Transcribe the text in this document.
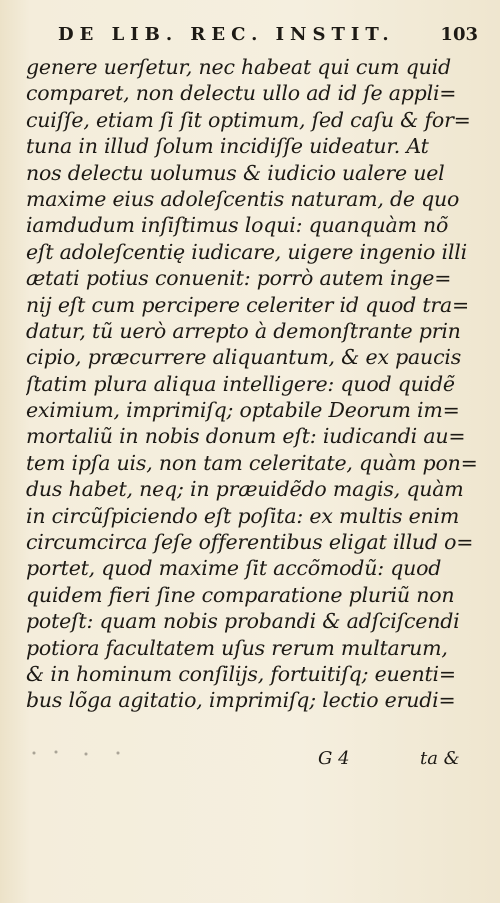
DE LIB. REC. INSTIT.	103
genere uerſetur, nec habeat qui cum quid
comparet, non delectu ullo ad id ſe appli=
cuiſſe, etiam ſi ſit optimum, ſed caſu & for=
tuna in illud ſolum incidiſſe uideatur. At
nos delectu uolumus & iudicio ualere uel
maxime eius adoleſcentis naturam, de quo
iamdudum inſiſtimus loqui: quanquàm nõ
eſt adoleſcentię iudicare, uigere ingenio illi
ætati potius conuenit: porrò autem inge=
nij eſt cum percipere celeriter id quod tra=
datur, tũ uerò arrepto à demonſtrante prin
cipio, præcurrere aliquantum, & ex paucis
ſtatim plura aliqua intelligere: quod quidẽ
eximium, imprimiſq; optabile Deorum im=
mortaliũ in nobis donum eſt: iudicandi au=
tem ipſa uis, non tam celeritate, quàm pon=
dus habet, neq; in præuidẽdo magis, quàm
in circũſpiciendo eſt poſita: ex multis enim
circumcirca ſeſe offerentibus eligat illud o=
portet, quod maxime ſit accõmodũ: quod
quidem fieri ſine comparatione pluriũ non
poteſt: quam nobis probandi & adſciſcendi
potiora facultatem uſus rerum multarum,
& in hominum conſilijs, fortuitiſq; euenti=
bus lõga agitatio, imprimiſq; lectio erudi=
G 4	ta &
